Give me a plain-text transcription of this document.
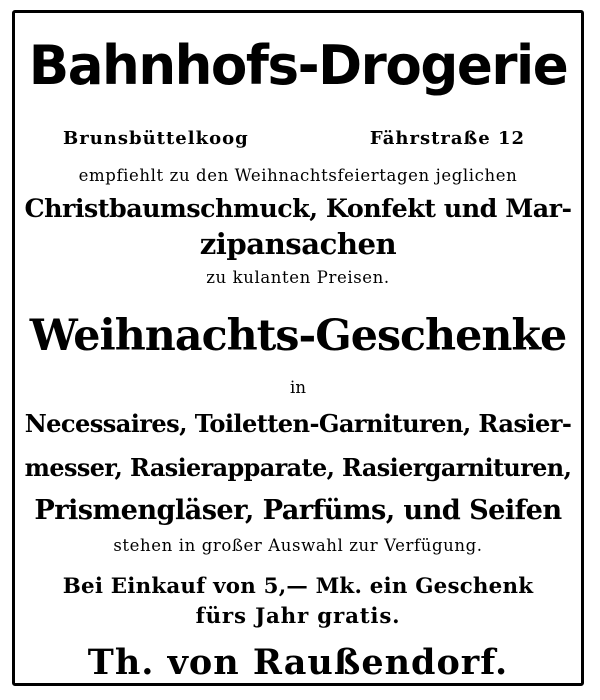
Bahnhofs-Drogerie
Brunsbüttelkoog	Fährstraße 12
empfiehlt zu den Weihnachtsfeiertagen jeglichen
Christbaumschmuck, Konfekt und Mar-
zipansachen
zu kulanten Preisen.
Weihnachts-Geschenke
in
Necessaires, Toiletten-Garnituren, Rasier-
messer, Rasierapparate, Rasiergarnituren,
Prismengläser, Parfüms, und Seifen
stehen in großer Auswahl zur Verfügung.
Bei Einkauf von 5,— Mk. ein Geschenk
fürs Jahr gratis.
Th. von Raußendorf.
